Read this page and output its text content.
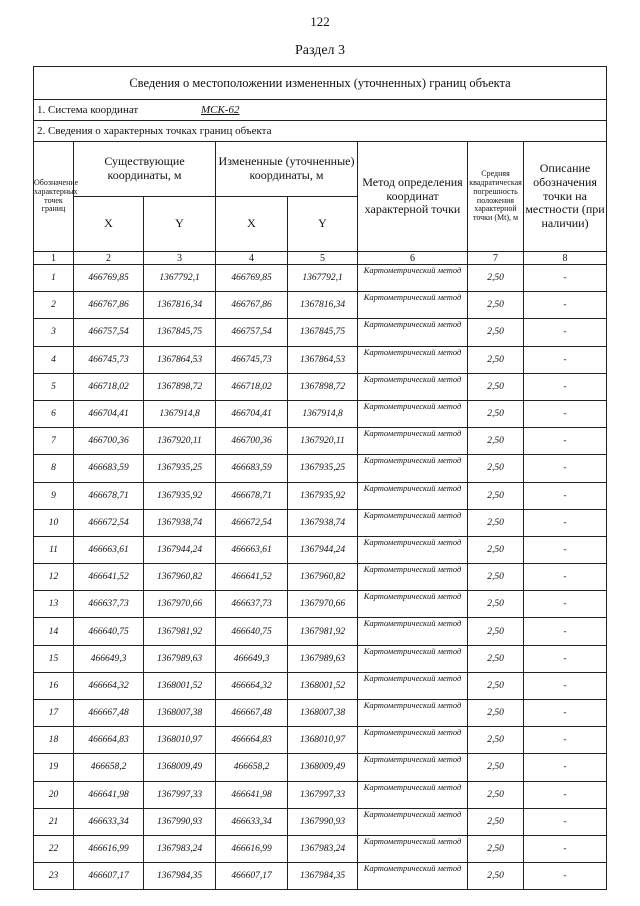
122
Раздел 3
Сведения о местоположении измененных (уточненных) границ объекта							
1. Система координат МСК-62							
2. Сведения о характерных точках границ объекта							
Обозначение характерных точек границ	Существующие координаты, м		Измененные (уточненные) координаты, м		Метод определения координат характерной точки	Средняя квадратическая погрешность положения характерной точки (Mt), м	Описание обозначения точки на местности (при наличии)
	X	Y	X	Y			
1	2	3	4	5	6	7	8
1	466769,85	1367792,1	466769,85	1367792,1	Картометрический метод	2,50	-
2	466767,86	1367816,34	466767,86	1367816,34	Картометрический метод	2,50	-
3	466757,54	1367845,75	466757,54	1367845,75	Картометрический метод	2,50	-
4	466745,73	1367864,53	466745,73	1367864,53	Картометрический метод	2,50	-
5	466718,02	1367898,72	466718,02	1367898,72	Картометрический метод	2,50	-
6	466704,41	1367914,8	466704,41	1367914,8	Картометрический метод	2,50	-
7	466700,36	1367920,11	466700,36	1367920,11	Картометрический метод	2,50	-
8	466683,59	1367935,25	466683,59	1367935,25	Картометрический метод	2,50	-
9	466678,71	1367935,92	466678,71	1367935,92	Картометрический метод	2,50	-
10	466672,54	1367938,74	466672,54	1367938,74	Картометрический метод	2,50	-
11	466663,61	1367944,24	466663,61	1367944,24	Картометрический метод	2,50	-
12	466641,52	1367960,82	466641,52	1367960,82	Картометрический метод	2,50	-
13	466637,73	1367970,66	466637,73	1367970,66	Картометрический метод	2,50	-
14	466640,75	1367981,92	466640,75	1367981,92	Картометрический метод	2,50	-
15	466649,3	1367989,63	466649,3	1367989,63	Картометрический метод	2,50	-
16	466664,32	1368001,52	466664,32	1368001,52	Картометрический метод	2,50	-
17	466667,48	1368007,38	466667,48	1368007,38	Картометрический метод	2,50	-
18	466664,83	1368010,97	466664,83	1368010,97	Картометрический метод	2,50	-
19	466658,2	1368009,49	466658,2	1368009,49	Картометрический метод	2,50	-
20	466641,98	1367997,33	466641,98	1367997,33	Картометрический метод	2,50	-
21	466633,34	1367990,93	466633,34	1367990,93	Картометрический метод	2,50	-
22	466616,99	1367983,24	466616,99	1367983,24	Картометрический метод	2,50	-
23	466607,17	1367984,35	466607,17	1367984,35	Картометрический метод	2,50	-
